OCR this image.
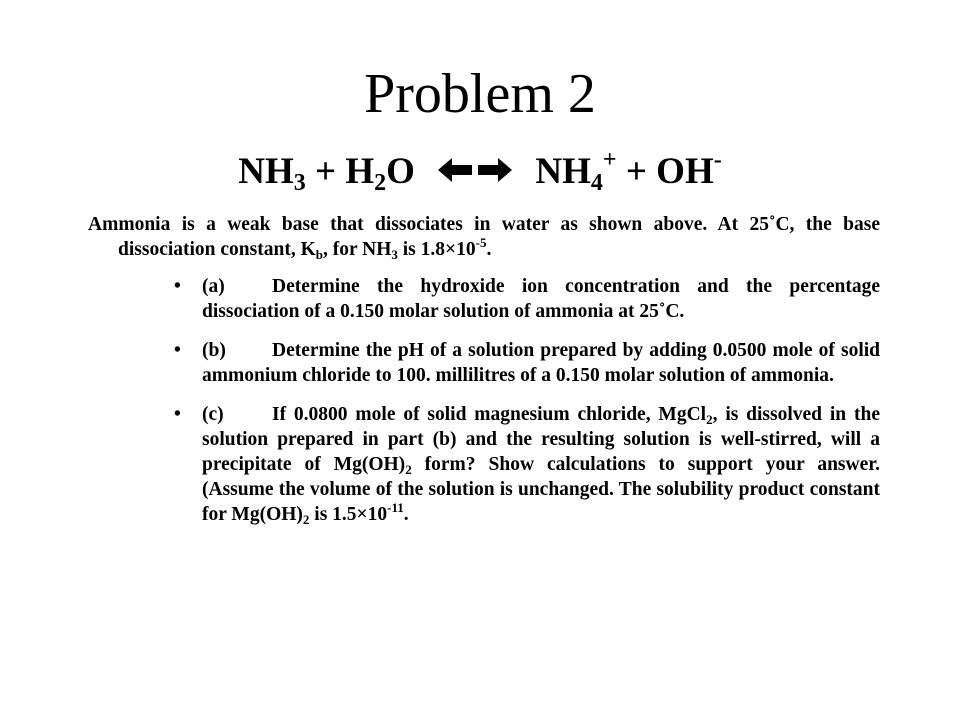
Problem 2
$NH_3 + H_2O$	$NH_4^+ + OH^-$
Ammonia is a weak base that dissociates in water as shown above. At 25˚C, the base dissociation constant, $K_b$, for $NH_3$ is $1.8\times 10^{-5}$.
• (a) Determine the hydroxide ion concentration and the percentage dissociation of a 0.150 molar solution of ammonia at 25˚C.
• (b) Determine the pH of a solution prepared by adding 0.0500 mole of solid ammonium chloride to 100. millilitres of a 0.150 molar solution of ammonia.
• (c) If 0.0800 mole of solid magnesium chloride, MgCl$_2$, is dissolved in the solution prepared in part (b) and the resulting solution is well-stirred, will a precipitate of $Mg(OH)_2$ form? Show calculations to support your answer. (Assume the volume of the solution is unchanged. The solubility product constant for $Mg(OH)_2$ is $1.5\times 10^{-11}$.
